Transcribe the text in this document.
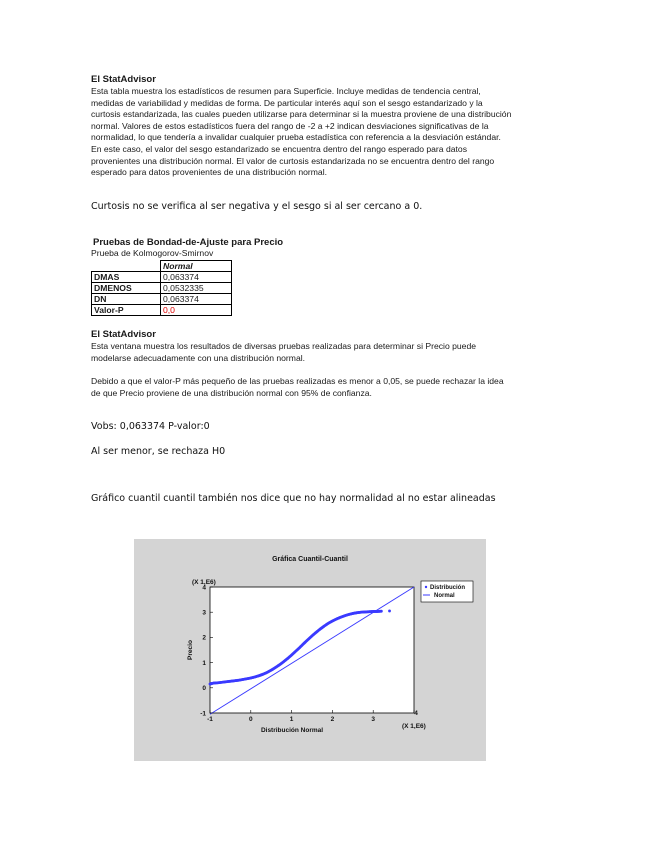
El StatAdvisor

Esta tabla muestra los estadísticos de resumen para Superficie. Incluye medidas de tendencia central,

medidas de variabilidad y medidas de forma. De particular interés aquí son el sesgo estandarizado y la

curtosis estandarizada, las cuales pueden utilizarse para determinar si la muestra proviene de una distribución

normal. Valores de estos estadísticos fuera del rango de -2 a +2 indican desviaciones significativas de la

normalidad, lo que tendería a invalidar cualquier prueba estadística con referencia a la desviación estándar.

En este caso, el valor del sesgo estandarizado se encuentra dentro del rango esperado para datos

provenientes una distribución normal. El valor de curtosis estandarizada no se encuentra dentro del rango

esperado para datos provenientes de una distribución normal.

Curtosis no se verifica al ser negativa y el sesgo si al ser cercano a 0.
Pruebas de Bondad-de-Ajuste para Precio
Prueba de Kolmogorov-Smirnov
	Normal
DMAS	0,063374
DMENOS	0,0532335
DN	0,063374
Valor-P	0,0
El StatAdvisor

Esta ventana muestra los resultados de diversas pruebas realizadas para determinar si Precio puede

modelarse adecuadamente con una distribución normal.

Debido a que el valor-P más pequeño de las pruebas realizadas es menor a 0,05, se puede rechazar la idea

de que Precio proviene de una distribución normal con 95% de confianza.

Vobs: 0,063374 P-valor:0
Al ser menor, se rechaza H0
Gráfico cuantil cuantil también nos dice que no hay normalidad al no estar alineadas
Gráfica Cuantil-Cuantil
-1	0	1	2	3
4
-1
0
1
2
3
4
(X 1,E6)
(X 1,E6)
Distribución Normal
Precio
Distribución
Normal
